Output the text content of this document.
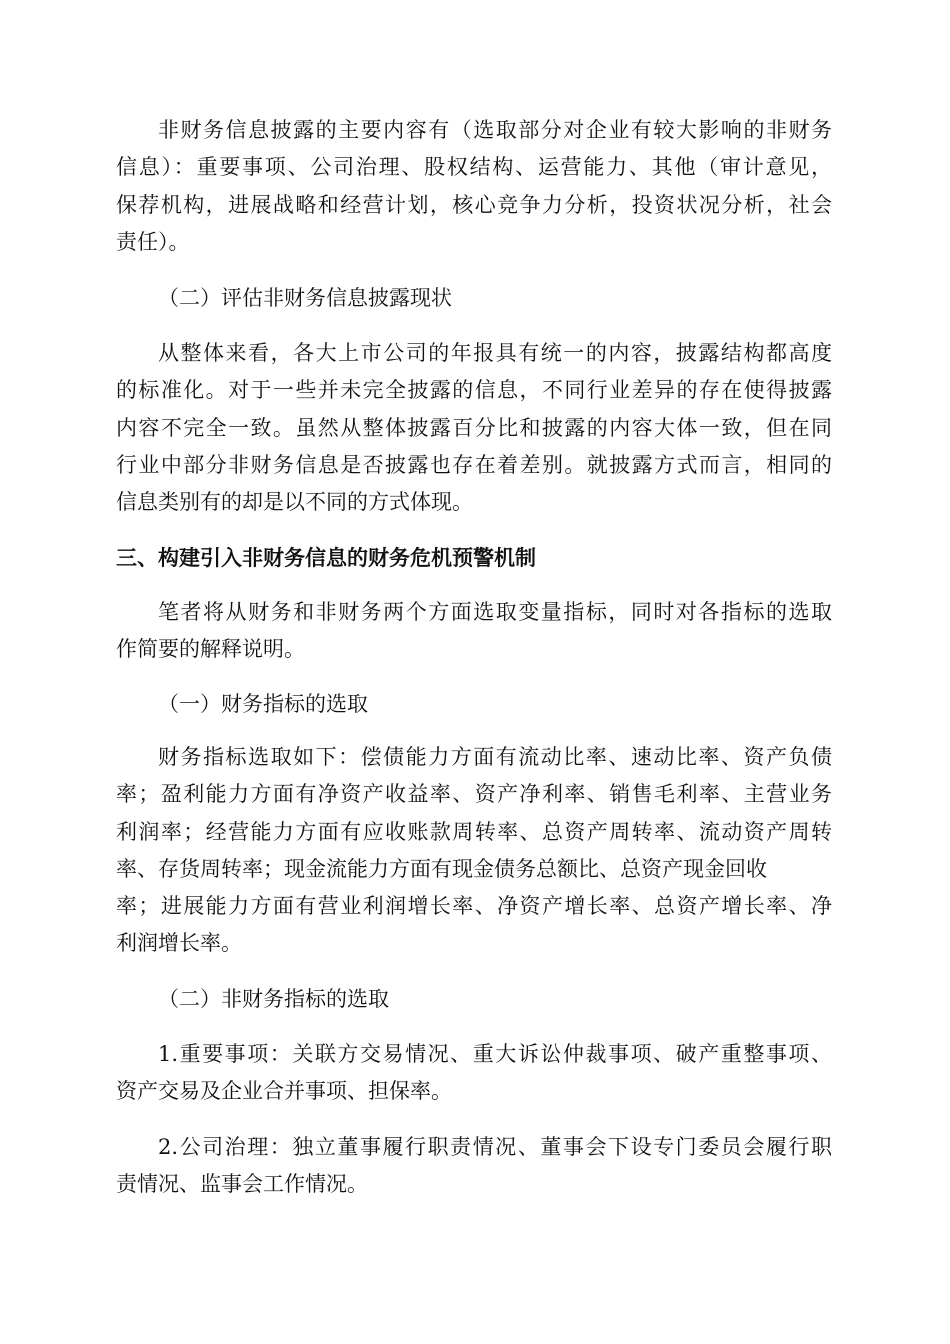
非财务信息披露的主要内容有（选取部分对企业有较大影响的非财务
信息）：重要事项、公司治理、股权结构、运营能力、其他（审计意见，
保荐机构，进展战略和经营计划，核心竞争力分析，投资状况分析，社会
责任）。
（二）评估非财务信息披露现状
从整体来看，各大上市公司的年报具有统一的内容，披露结构都高度
的标准化。对于一些并未完全披露的信息，不同行业差异的存在使得披露
内容不完全一致。虽然从整体披露百分比和披露的内容大体一致，但在同
行业中部分非财务信息是否披露也存在着差别。就披露方式而言，相同的
信息类别有的却是以不同的方式体现。
三、构建引入非财务信息的财务危机预警机制
笔者将从财务和非财务两个方面选取变量指标，同时对各指标的选取
作简要的解释说明。
（一）财务指标的选取
财务指标选取如下：偿债能力方面有流动比率、速动比率、资产负债
率；盈利能力方面有净资产收益率、资产净利率、销售毛利率、主营业务
利润率；经营能力方面有应收账款周转率、总资产周转率、流动资产周转
率、存货周转率；现金流能力方面有现金债务总额比、总资产现金回收
率；进展能力方面有营业利润增长率、净资产增长率、总资产增长率、净
利润增长率。
（二）非财务指标的选取
1.重要事项：关联方交易情况、重大诉讼仲裁事项、破产重整事项、
资产交易及企业合并事项、担保率。
2.公司治理：独立董事履行职责情况、董事会下设专门委员会履行职
责情况、监事会工作情况。
